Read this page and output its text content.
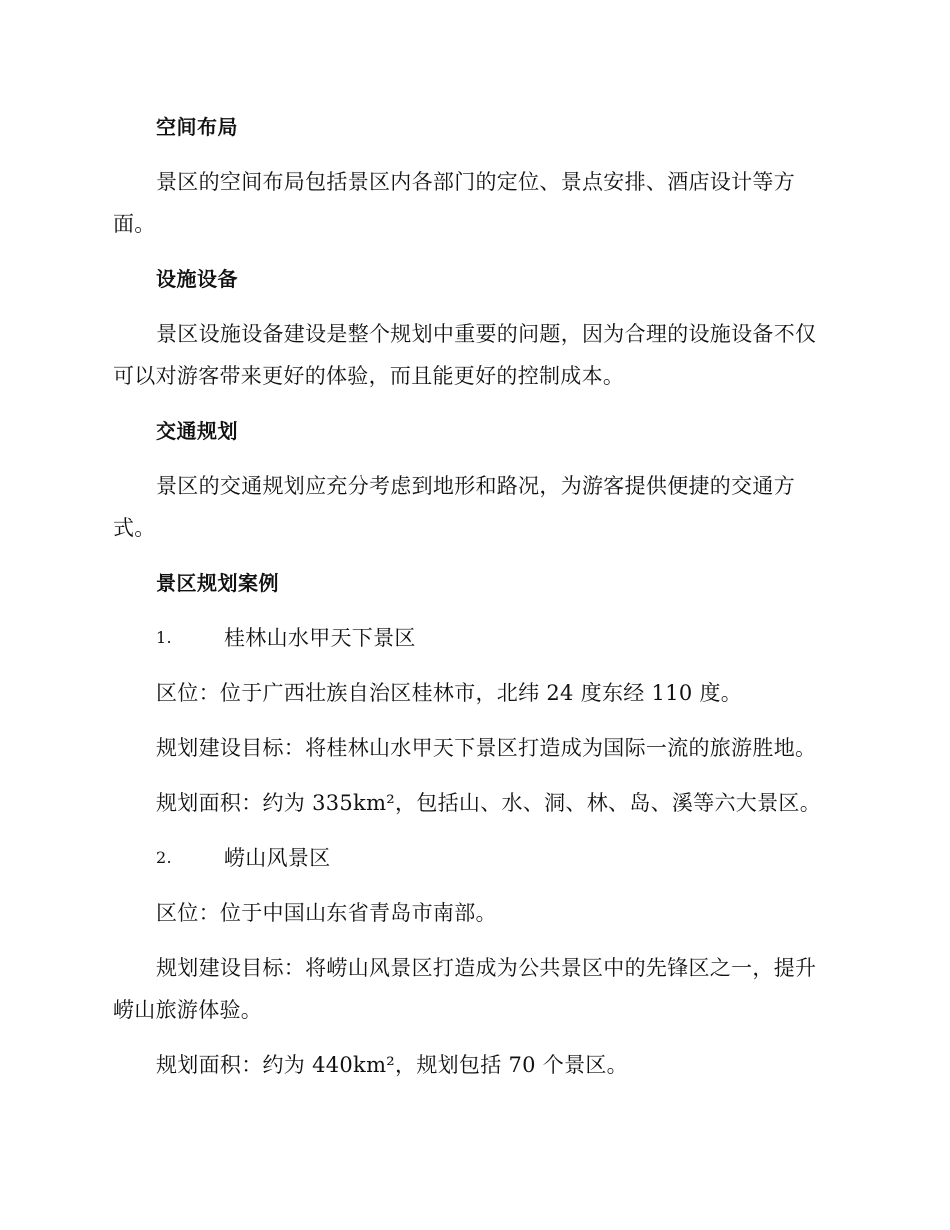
空间布局
景区的空间布局包括景区内各部门的定位、景点安排、酒店设计等方
面。
设施设备
景区设施设备建设是整个规划中重要的问题，因为合理的设施设备不仅
可以对游客带来更好的体验，而且能更好的控制成本。
交通规划
景区的交通规划应充分考虑到地形和路况，为游客提供便捷的交通方
式。
景区规划案例
1. 桂林山水甲天下景区
区位：位于广西壮族自治区桂林市，北纬 24 度东经 110 度。
规划建设目标：将桂林山水甲天下景区打造成为国际一流的旅游胜地。
规划面积：约为 335km²，包括山、水、洞、林、岛、溪等六大景区。
2. 崂山风景区
区位：位于中国山东省青岛市南部。
规划建设目标：将崂山风景区打造成为公共景区中的先锋区之一，提升
崂山旅游体验。
规划面积：约为 440km²，规划包括 70 个景区。
